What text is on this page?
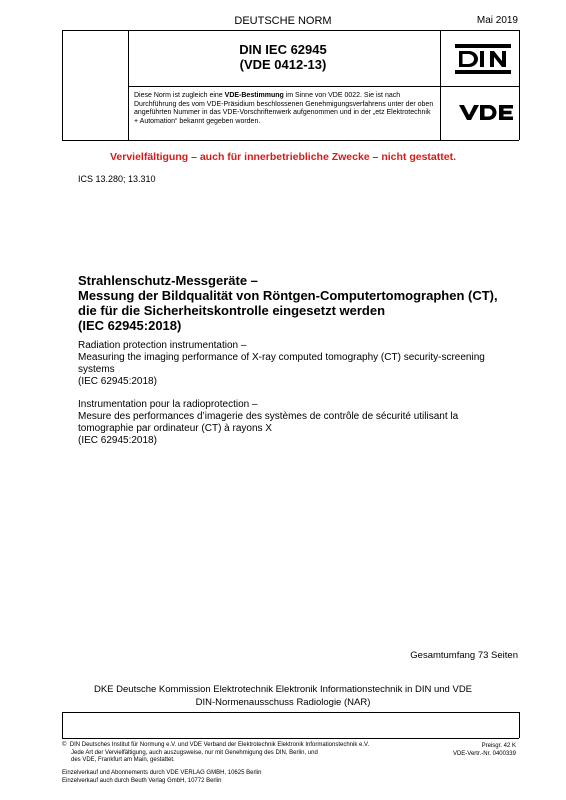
DEUTSCHE NORM	Mai 2019
DIN IEC 62945
(VDE 0412-13)
Diese Norm ist zugleich eine VDE-Bestimmung im Sinne von VDE 0022. Sie ist nach Durchführung des vom VDE-Präsidium beschlossenen Genehmigungsverfahrens unter der oben angeführten Nummer in das VDE-Vorschriftenwerk aufgenommen und in der „etz Elektrotechnik + Automation“ bekannt gegeben worden.
Vervielfältigung – auch für innerbetriebliche Zwecke – nicht gestattet.
ICS 13.280; 13.310
Strahlenschutz-Messgeräte –
Messung der Bildqualität von Röntgen-Computertomographen (CT),
die für die Sicherheitskontrolle eingesetzt werden
(IEC 62945:2018)
Radiation protection instrumentation –
Measuring the imaging performance of X-ray computed tomography (CT) security-screening
systems
(IEC 62945:2018)
Instrumentation pour la radioprotection –
Mesure des performances d’imagerie des systèmes de contrôle de sécurité utilisant la
tomographie par ordinateur (CT) à rayons X
(IEC 62945:2018)
Gesamtumfang 73 Seiten
DKE Deutsche Kommission Elektrotechnik Elektronik Informationstechnik in DIN und VDE
DIN-Normenausschuss Radiologie (NAR)
© DIN Deutsches Institut für Normung e.V. und VDE Verband der Elektrotechnik Elektronik Informationstechnik e.V.
Jede Art der Vervielfältigung, auch auszugsweise, nur mit Genehmigung des DIN, Berlin, und
des VDE, Frankfurt am Main, gestattet.
Preisgr. 42 K
VDE-Vertr.-Nr. 0400339
Einzelverkauf und Abonnements durch VDE VERLAG GMBH, 10625 Berlin
Einzelverkauf auch durch Beuth Verlag GmbH, 10772 Berlin
